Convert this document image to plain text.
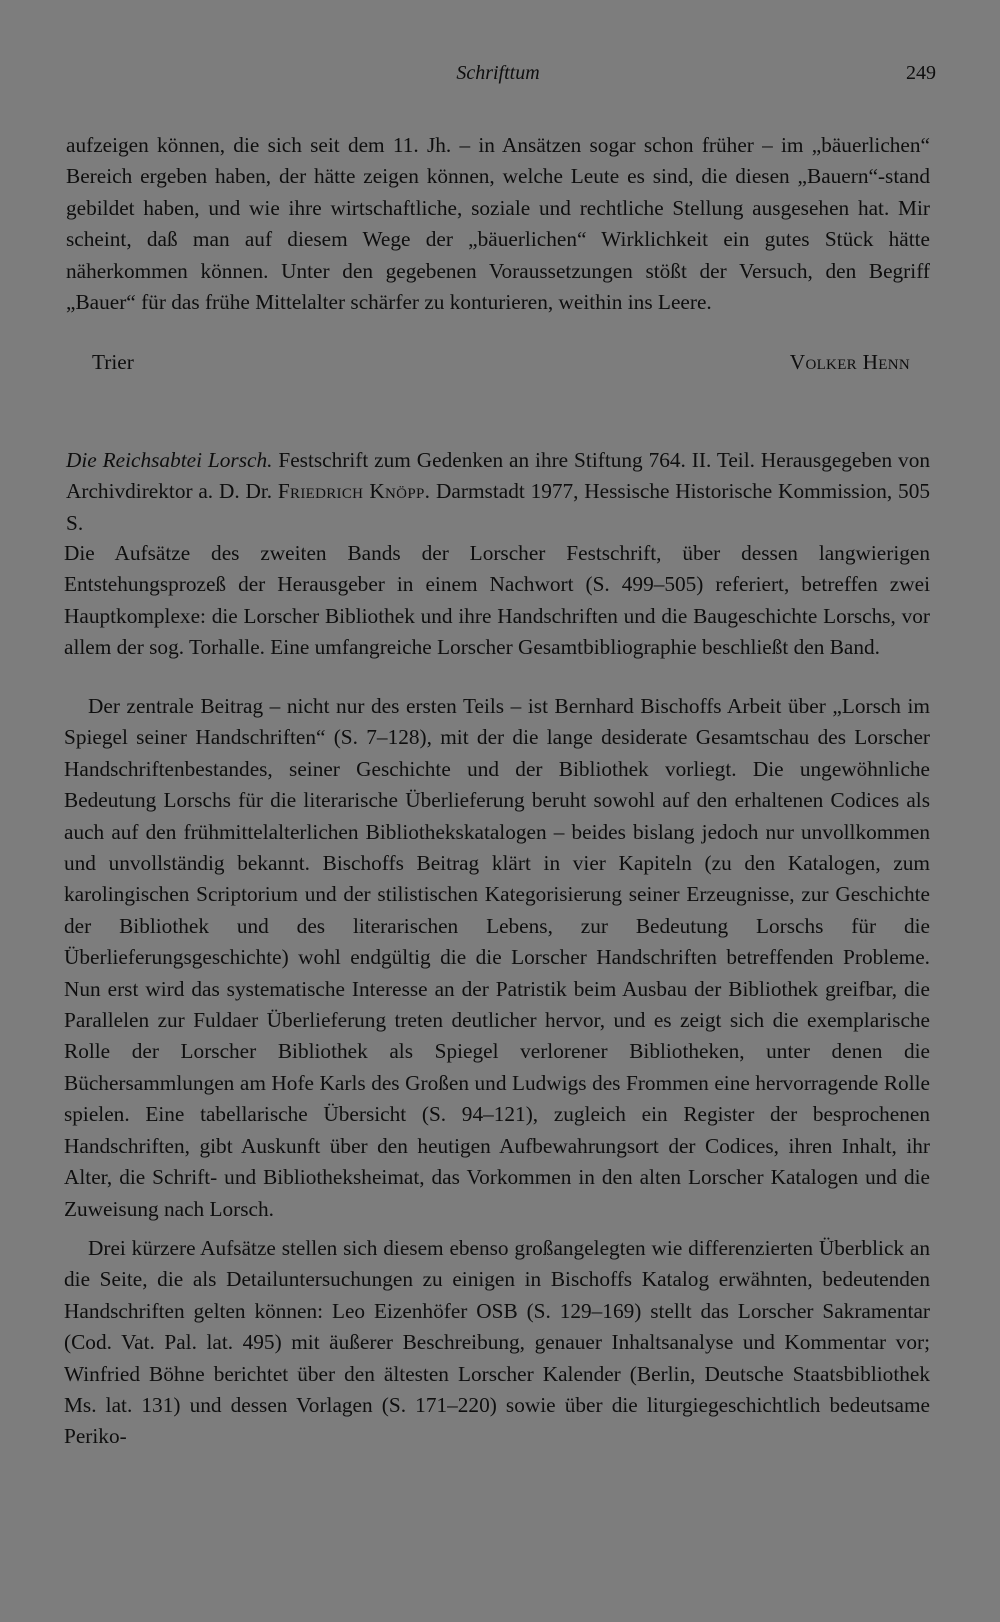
Schrifttum	249
aufzeigen können, die sich seit dem 11. Jh. – in Ansätzen sogar schon früher – im „bäuerlichen“ Bereich ergeben haben, der hätte zeigen können, welche Leute es sind, die diesen „Bauern“-stand gebildet haben, und wie ihre wirtschaftliche, soziale und rechtliche Stellung ausgesehen hat. Mir scheint, daß man auf diesem Wege der „bäuerlichen“ Wirklichkeit ein gutes Stück hätte näherkommen können. Unter den gegebenen Voraussetzungen stößt der Versuch, den Begriff „Bauer“ für das frühe Mittelalter schärfer zu konturieren, weithin ins Leere.
Trier	Volker Henn
Die Reichsabtei Lorsch. Festschrift zum Gedenken an ihre Stiftung 764. II. Teil. Herausgegeben von Archivdirektor a. D. Dr. Friedrich Knöpp. Darmstadt 1977, Hessische Historische Kommission, 505 S.
Die Aufsätze des zweiten Bands der Lorscher Festschrift, über dessen langwierigen Entstehungsprozeß der Herausgeber in einem Nachwort (S. 499–505) referiert, betreffen zwei Hauptkomplexe: die Lorscher Bibliothek und ihre Handschriften und die Baugeschichte Lorschs, vor allem der sog. Torhalle. Eine umfangreiche Lorscher Gesamtbibliographie beschließt den Band.
Der zentrale Beitrag – nicht nur des ersten Teils – ist Bernhard Bischoffs Arbeit über „Lorsch im Spiegel seiner Handschriften“ (S. 7–128), mit der die lange desiderate Gesamtschau des Lorscher Handschriftenbestandes, seiner Geschichte und der Bibliothek vorliegt. Die ungewöhnliche Bedeutung Lorschs für die literarische Überlieferung beruht sowohl auf den erhaltenen Codices als auch auf den frühmittelalterlichen Bibliothekskatalogen – beides bislang jedoch nur unvollkommen und unvollständig bekannt. Bischoffs Beitrag klärt in vier Kapiteln (zu den Katalogen, zum karolingischen Scriptorium und der stilistischen Kategorisierung seiner Erzeugnisse, zur Geschichte der Bibliothek und des literarischen Lebens, zur Bedeutung Lorschs für die Überlieferungsgeschichte) wohl endgültig die die Lorscher Handschriften betreffenden Probleme. Nun erst wird das systematische Interesse an der Patristik beim Ausbau der Bibliothek greifbar, die Parallelen zur Fuldaer Überlieferung treten deutlicher hervor, und es zeigt sich die exemplarische Rolle der Lorscher Bibliothek als Spiegel verlorener Bibliotheken, unter denen die Büchersammlungen am Hofe Karls des Großen und Ludwigs des Frommen eine hervorragende Rolle spielen. Eine tabellarische Übersicht (S. 94–121), zugleich ein Register der besprochenen Handschriften, gibt Auskunft über den heutigen Aufbewahrungsort der Codices, ihren Inhalt, ihr Alter, die Schrift- und Bibliotheksheimat, das Vorkommen in den alten Lorscher Katalogen und die Zuweisung nach Lorsch.
Drei kürzere Aufsätze stellen sich diesem ebenso großangelegten wie differenzierten Überblick an die Seite, die als Detailuntersuchungen zu einigen in Bischoffs Katalog erwähnten, bedeutenden Handschriften gelten können: Leo Eizenhöfer OSB (S. 129–169) stellt das Lorscher Sakramentar (Cod. Vat. Pal. lat. 495) mit äußerer Beschreibung, genauer Inhaltsanalyse und Kommentar vor; Winfried Böhne berichtet über den ältesten Lorscher Kalender (Berlin, Deutsche Staatsbibliothek Ms. lat. 131) und dessen Vorlagen (S. 171–220) sowie über die liturgiegeschichtlich bedeutsame Periko-
